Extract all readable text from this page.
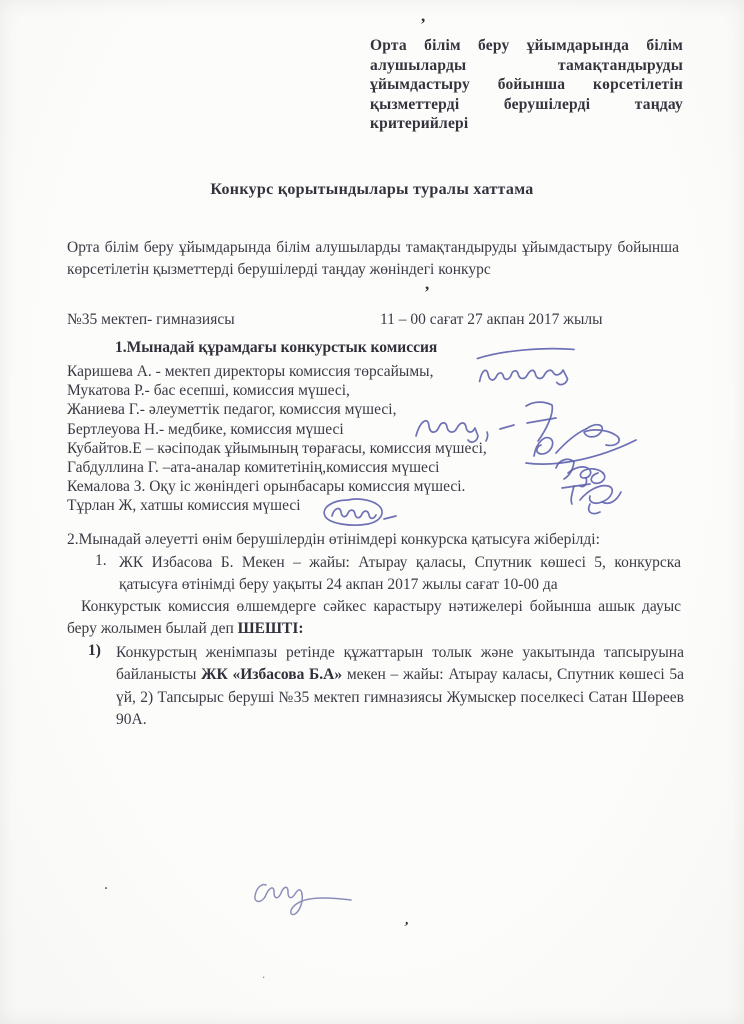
,
,
’
.
.
Орта білім беру ұйымдарында білім алушыларды тамақтандыруды ұйымдастыру бойынша көрсетілетін қызметтерді берушілерді таңдау критерийлері
Конкурс қорытындылары туралы хаттама

Орта білім беру ұйымдарында білім алушыларды тамақтандыруды ұйымдастыру бойынша көрсетілетін қызметтерді берушілерді таңдау жөніндегі конкурс

№35 мектеп- гимназиясы	11 – 00 сағат 27 акпан 2017 жылы
1.Мынадай құрамдағы конкурстык комиссия
Каришева А. - мектеп директоры комиссия төрсайымы,
Мукатова Р.- бас есепші, комиссия мүшесі,
Жаниева Г.- әлеуметтік педагог, комиссия мүшесі,
Бертлеуова Н.- медбике, комиссия мүшесі
Кубайтов.Е – кәсіподак ұйымының төрағасы, комиссия мүшесі,
Габдуллина Г. –ата-аналар комитетінің,комиссия мүшесі
Кемалова З. Оқу іс жөніндегі орынбасары комиссия мүшесі.
Тұрлан Ж, хатшы комиссия мүшесі

2.Мынадай әлеуетті өнім берушілердін өтінімдері конкурска қатысуға жіберілді:

1. ЖК Избасова Б. Мекен – жайы: Атырау қаласы, Спутник көшесі 5, конкурска қатысуға өтінімді беру уақыты 24 акпан 2017 жылы сағат 10-00 да

Конкурстык комиссия өлшемдерге сәйкес карастыру нәтижелері бойынша ашык дауыс беру жолымен былай деп ШЕШТІ:

1) Конкурстың женімпазы ретінде құжаттарын толык және уакытында тапсыруына байланысты ЖК «Избасова Б.А» мекен – жайы: Атырау каласы, Спутник көшесі 5а үй, 2) Тапсырыс беруші №35 мектеп гимназиясы Жумыскер поселкесі Сатан Шөреев 90А.
